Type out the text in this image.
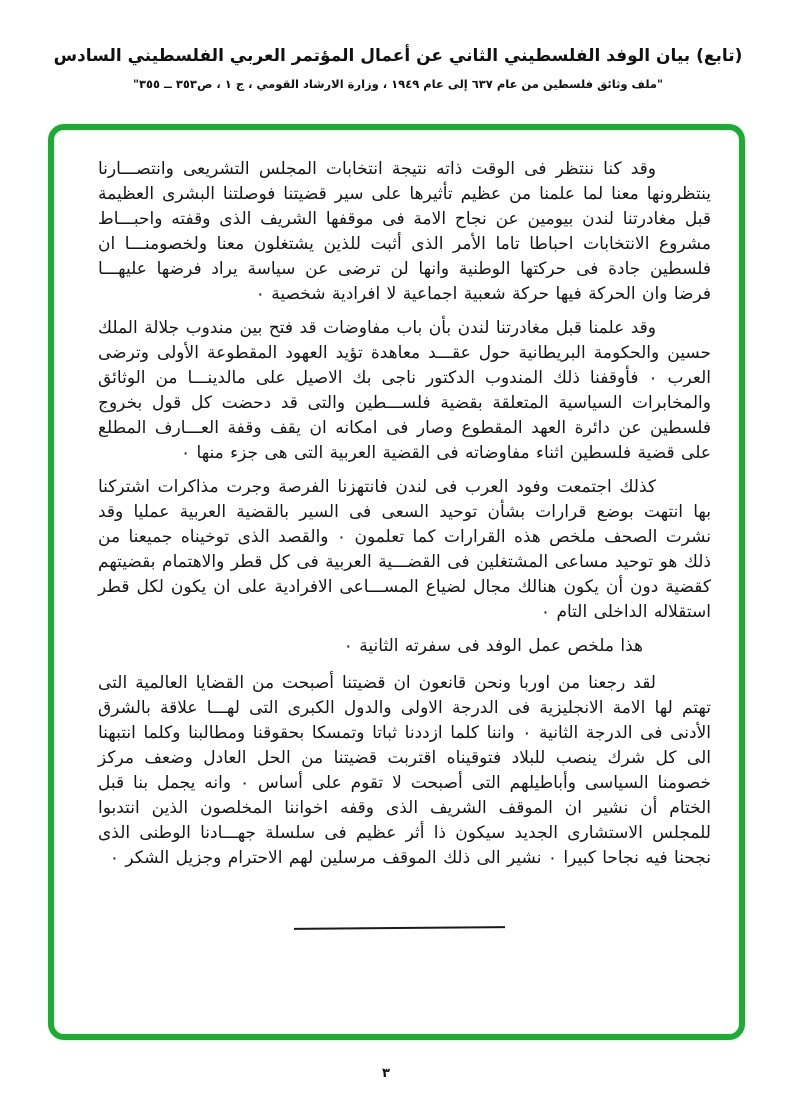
(تابع) بيان الوفد الفلسطيني الثاني عن أعمال المؤتمر العربي الفلسطيني السادس
"ملف وثائق فلسطين من عام ٦٣٧ إلى عام ١٩٤٩ ، وزارة الارشاد القومي ، ج ١ ، ص٣٥٣ ــ ٣٥٥"

وقد كنا ننتظر فى الوقت ذاته نتيجة انتخابات المجلس التشريعى وانتصـــارنا ينتظرونها معنا لما علمنا من عظيم تأثيرها على سير قضيتنا فوصلتنا البشرى العظيمة قبل مغادرتنا لندن بيومين عن نجاح الامة فى موقفها الشريف الذى وقفته واحبـــاط مشروع الانتخابات احباطا تاما الأمر الذى أثبت للذين يشتغلون معنا ولخصومنـــا ان فلسطين جادة فى حركتها الوطنية وانها لن ترضى عن سياسة يراد فرضها عليهـــا فرضا وان الحركة فيها حركة شعبية اجماعية لا افرادية شخصية ٠

وقد علمنا قبل مغادرتنا لندن بأن باب مفاوضات قد فتح بين مندوب جلالة الملك حسين والحكومة البريطانية حول عقـــد معاهدة تؤيد العهود المقطوعة الأولى وترضى العرب ٠ فأوقفنا ذلك المندوب الدكتور ناجى بك الاصيل على مالدينـــا من الوثائق والمخابرات السياسية المتعلقة بقضية فلســـطين والتى قد دحضت كل قول بخروج فلسطين عن دائرة العهد المقطوع وصار فى امكانه ان يقف وقفة العـــارف المطلع على قضية فلسطين اثناء مفاوضاته فى القضية العربية التى هى جزء منها ٠

كذلك اجتمعت وفود العرب فى لندن فانتهزنا الفرصة وجرت مذاكرات اشتركنا بها انتهت بوضع قرارات بشأن توحيد السعى فى السير بالقضية العربية عمليا وقد نشرت الصحف ملخص هذه القرارات كما تعلمون ٠ والقصد الذى توخيناه جميعنا من ذلك هو توحيد مساعى المشتغلين فى القضـــية العربية فى كل قطر والاهتمام بقضيتهم كقضية دون أن يكون هنالك مجال لضياع المســـاعى الافرادية على ان يكون لكل قطر استقلاله الداخلى التام ٠

هذا ملخص عمل الوفد فى سفرته الثانية ٠

لقد رجعنا من اوربا ونحن قانعون ان قضيتنا أصبحت من القضايا العالمية التى تهتم لها الامة الانجليزية فى الدرجة الاولى والدول الكبرى التى لهـــا علاقة بالشرق الأدنى فى الدرجة الثانية ٠ واننا كلما ازددنا ثباتا وتمسكا بحقوقنا ومطالبنا وكلما انتبهنا الى كل شرك ينصب للبلاد فتوقيناه اقتربت قضيتنا من الحل العادل وضعف مركز خصومنا السياسى وأباطيلهم التى أصبحت لا تقوم على أساس ٠ وانه يجمل بنا قبل الختام أن نشير ان الموقف الشريف الذى وقفه اخواننا المخلصون الذين انتدبوا للمجلس الاستشارى الجديد سيكون ذا أثر عظيم فى سلسلة جهـــادنا الوطنى الذى نجحنا فيه نجاحا كبيرا ٠ نشير الى ذلك الموقف مرسلين لهم الاحترام وجزيل الشكر ٠

٣
